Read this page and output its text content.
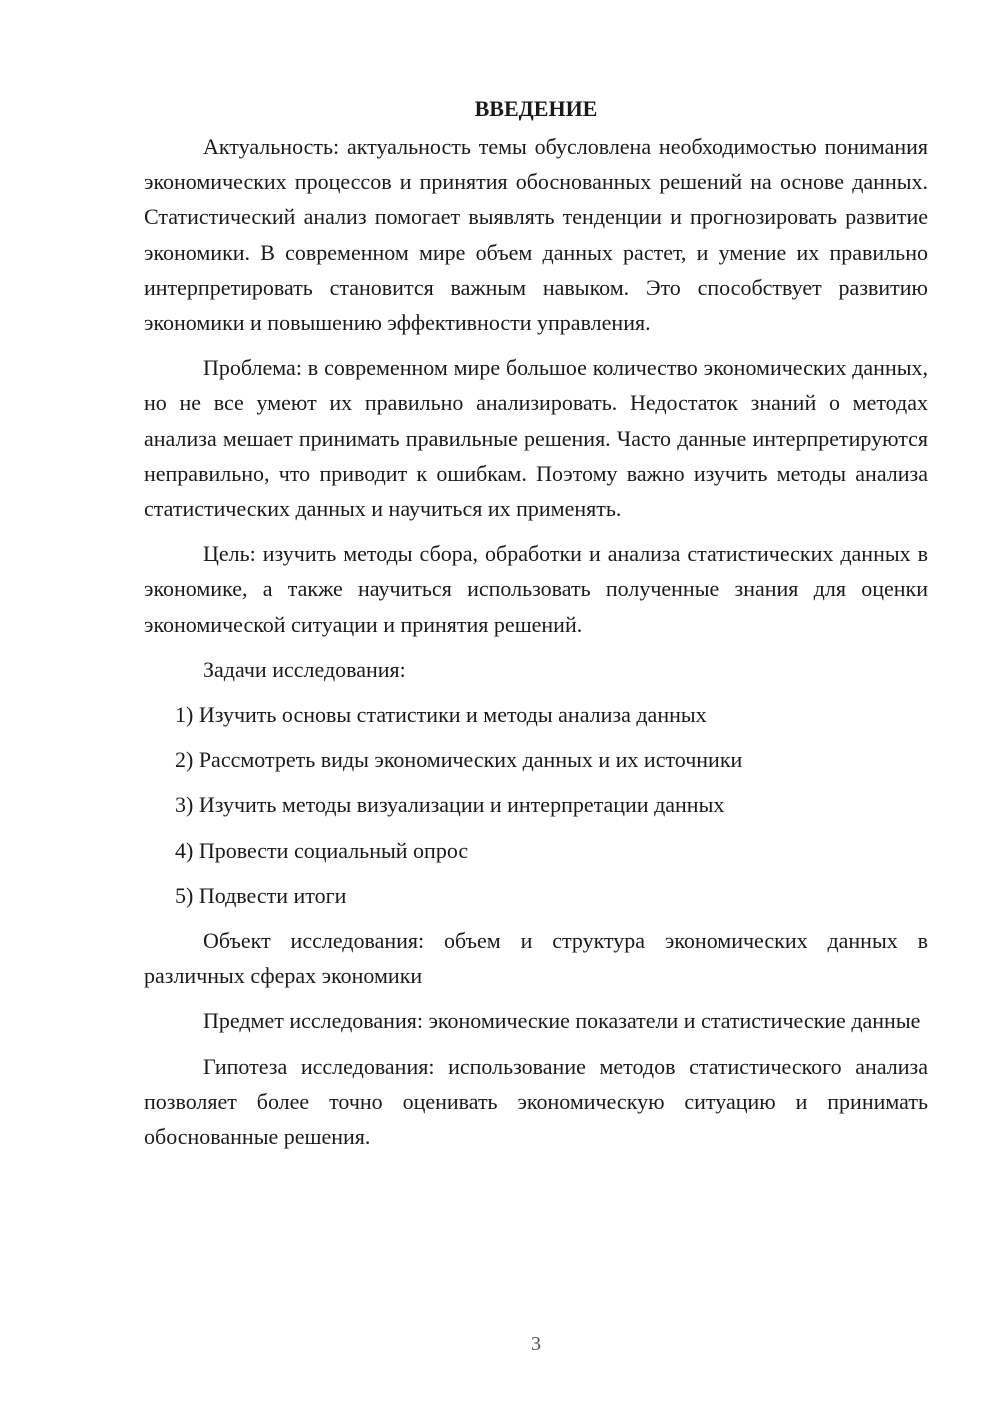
ВВЕДЕНИЕ

Актуальность: актуальность темы обусловлена необходимостью понимания экономических процессов и принятия обоснованных решений на основе данных. Статистический анализ помогает выявлять тенденции и прогнозировать развитие экономики. В современном мире объем данных растет, и умение их правильно интерпретировать становится важным навыком. Это способствует развитию экономики и повышению эффективности управления.

Проблема: в современном мире большое количество экономических данных, но не все умеют их правильно анализировать. Недостаток знаний о методах анализа мешает принимать правильные решения. Часто данные интерпретируются неправильно, что приводит к ошибкам. Поэтому важно изучить методы анализа статистических данных и научиться их применять.

Цель: изучить методы сбора, обработки и анализа статистических данных в экономике, а также научиться использовать полученные знания для оценки экономической ситуации и принятия решений.

Задачи исследования:

1) Изучить основы статистики и методы анализа данных
2) Рассмотреть виды экономических данных и их источники
3) Изучить методы визуализации и интерпретации данных
4) Провести социальный опрос
5) Подвести итоги

Объект исследования: объем и структура экономических данных в различных сферах экономики

Предмет исследования: экономические показатели и статистические данные

Гипотеза исследования: использование методов статистического анализа позволяет более точно оценивать экономическую ситуацию и принимать обоснованные решения.

3
